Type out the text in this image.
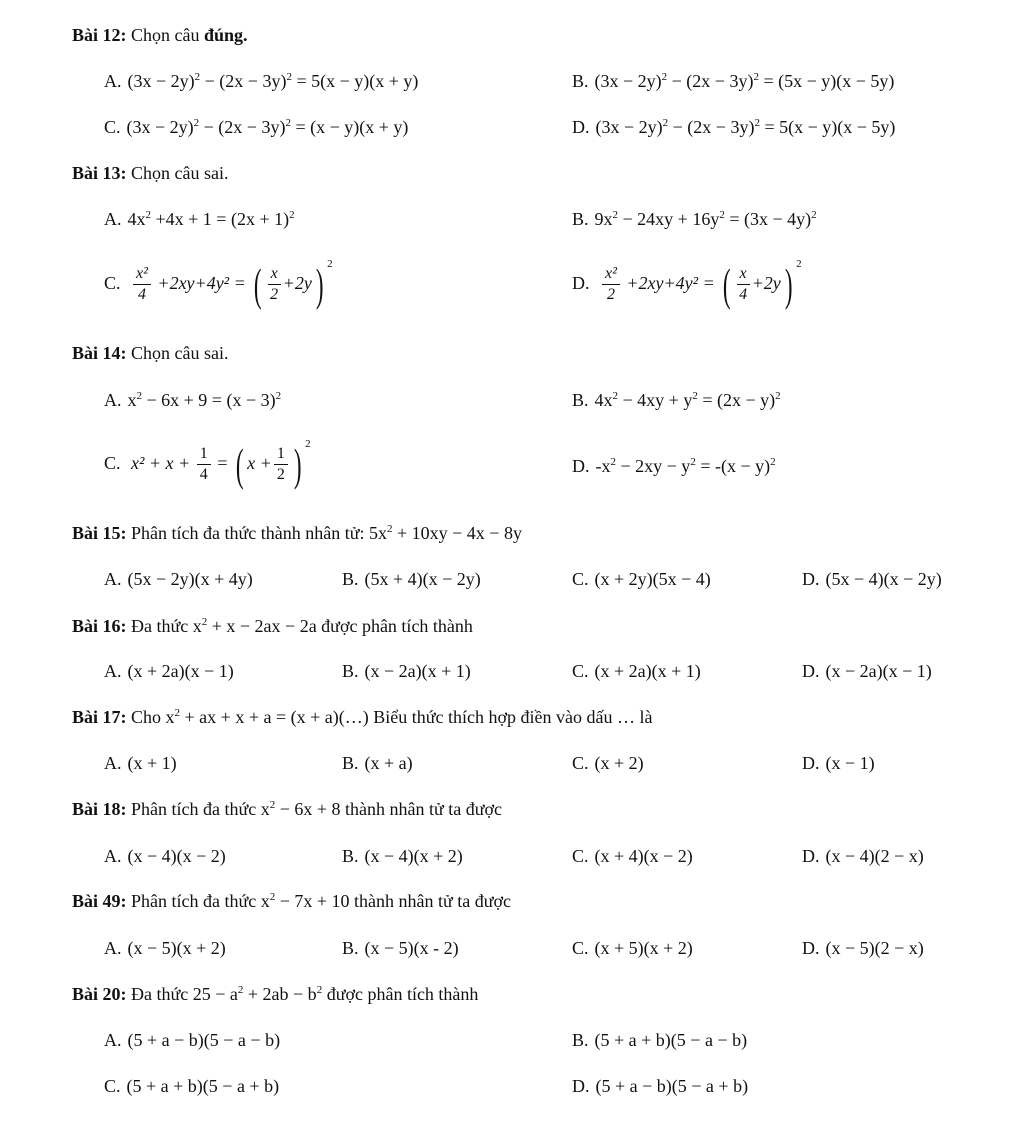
Bài 12: Chọn câu đúng.
A. $(3x - 2y)^2 - (2x - 3y)^2 = 5(x - y)(x + y)$	B. $(3x - 2y)^2 - (2x - 3y)^2 = (5x - y)(x - 5y)$
C. $(3x - 2y)^2 - (2x - 3y)^2 = (x - y)(x + y)$	D. $(3x - 2y)^2 - (2x - 3y)^2 = 5(x - y)(x - 5y)$
Bài 13: Chọn câu sai.
A. $4x^2 +4x + 1 = (2x + 1)^2$	B. $9x^2 - 24xy + 16y^2 = (3x - 4y)^2$
C. $\frac{\text{x²}}{4} +2xy+4y^2$ = ( $\frac{x}{2} +2y$) $^2$
D. $\frac{\text{x²}}{2} +2xy+4y^2$ = ( $\frac{x}{4} +2y$) $^2$
Bài 14: Chọn câu sai.
A. $x^2 - 6x + 9 = (x - 3)^2$	B. $4x^2 - 4xy + y^2 = (2x - y)^2$
C. $x^2 + x + \frac{1}{4}$ = ( $x + \frac{1}{2}$ ) $^2$
D. $-x^2 - 2xy - y^2 = -(x - y)^2$
Bài 15: Phân tích đa thức thành nhân tử: $5x^2 + 10xy - 4x - 8y$
A. (5x − 2y)(x + 4y)	B. (5x + 4)(x − 2y)	C. (x + 2y)(5x − 4)	D. (5x − 4)(x − 2y)
Bài 16: Đa thức $x^2 + x - 2ax - 2a$ được phân tích thành
A. (x + 2a)(x − 1)	B. (x − 2a)(x + 1)	C. (x + 2a)(x + 1)	D. (x − 2a)(x − 1)
Bài 17: Cho $x^2$ + ax + x + a = (x + a)(…) Biểu thức thích hợp điền vào dấu … là
A. (x + 1)	B. (x + a)	C. (x + 2)	D. (x − 1)
Bài 18: Phân tích đa thức $x^2 - 6x + 8$ thành nhân tử ta được
A. (x − 4)(x − 2)	B. (x − 4)(x + 2)	C. (x + 4)(x − 2)	D. (x − 4)(2 − x)
Bài 49: Phân tích đa thức $x^2 - 7x + 10$ thành nhân tử ta được
A. (x − 5)(x + 2)	B. (x − 5)(x - 2)	C. (x + 5)(x + 2)	D. (x − 5)(2 − x)
Bài 20: Đa thức $25 - a^2 + 2ab - b^2$ được phân tích thành
A. (5 + a − b)(5 − a − b)	B. (5 + a + b)(5 − a − b)
C. (5 + a + b)(5 − a + b)	D. (5 + a − b)(5 − a + b)
